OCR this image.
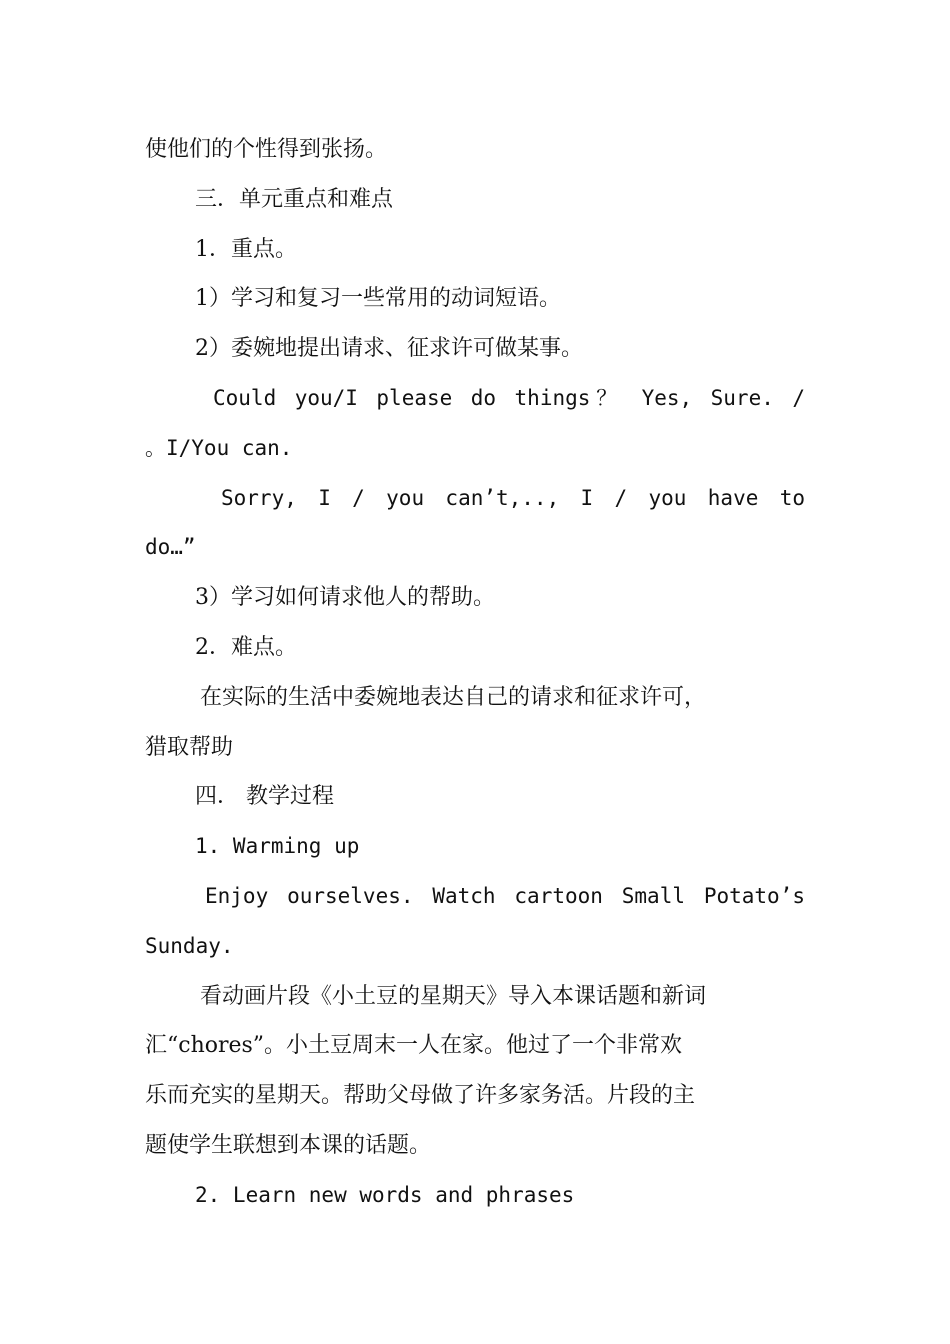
使他们的个性得到张扬。
三．单元重点和难点
1．重点。
1）学习和复习一些常用的动词短语。
2）委婉地提出请求、征求许可做某事。
Could you/I please do things？ Yes, Sure. /
。I/You can.
Sorry, I / you can’t,.., I / you have to
do…”
3）学习如何请求他人的帮助。
2．难点。
在实际的生活中委婉地表达自己的请求和征求许可，
猎取帮助
四． 教学过程
1. Warming up
Enjoy ourselves. Watch cartoon Small Potato’s
Sunday.
看动画片段《小土豆的星期天》导入本课话题和新词
汇“chores”。小土豆周末一人在家。他过了一个非常欢
乐而充实的星期天。帮助父母做了许多家务活。片段的主
题使学生联想到本课的话题。
2. Learn new words and phrases
